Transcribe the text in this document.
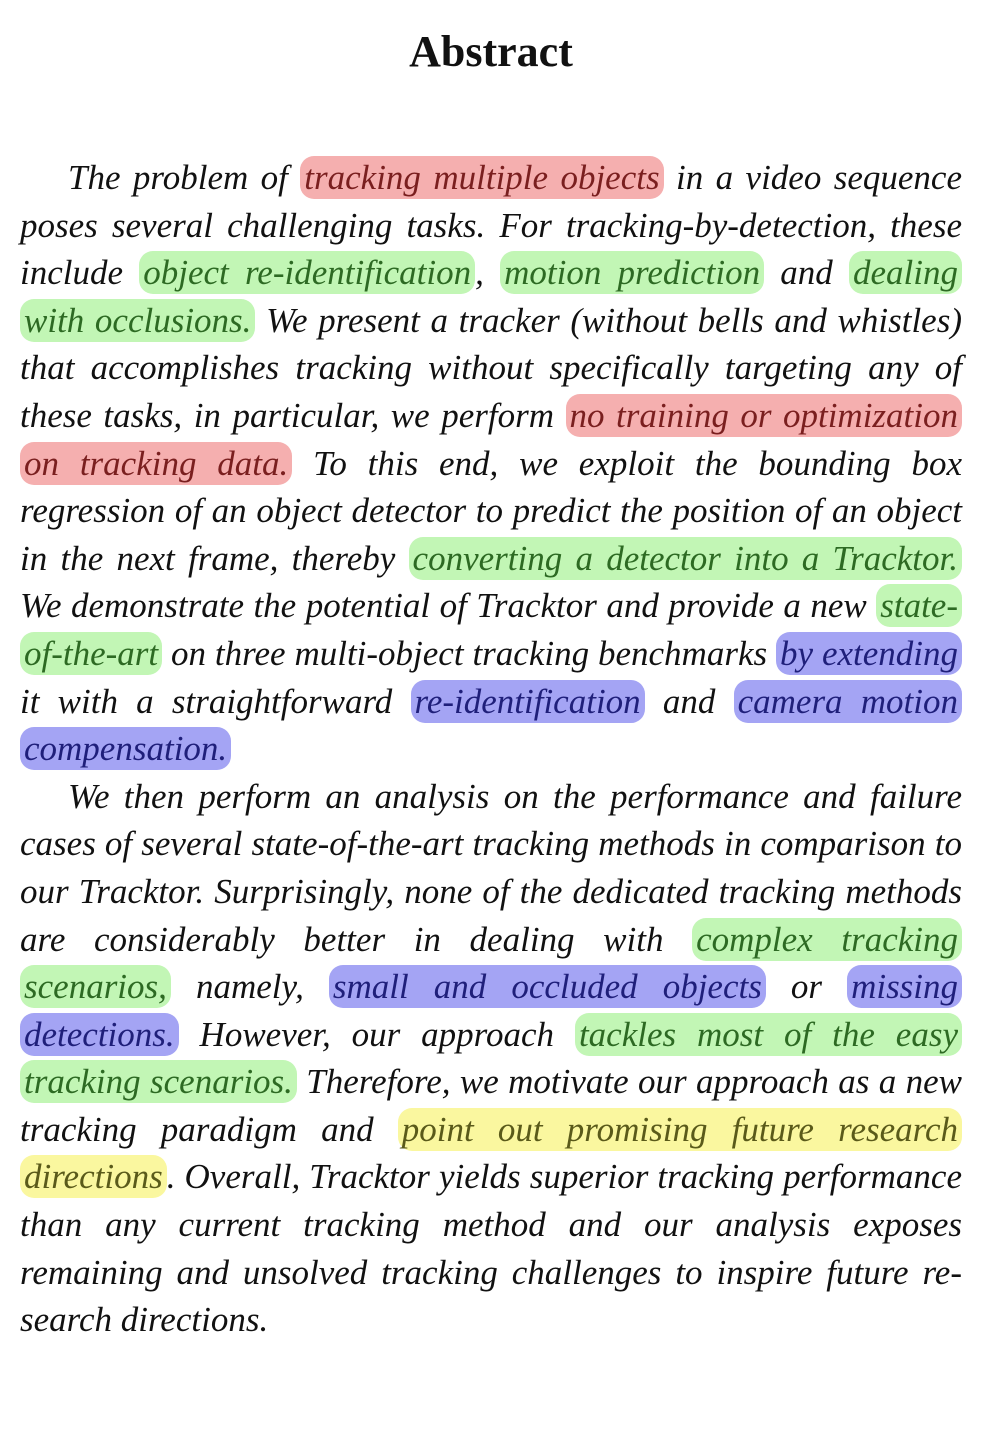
Abstract

The problem of tracking multiple objects in a video sequence poses several challenging tasks. For tracking-by-detection, these include object re-identification , motion prediction and dealing with occlusions. We present a tracker (without bells and whistles) that accomplishes tracking without specifically targeting any of these tasks, in particular, we perform no training or optimization on tracking data. To this end, we exploit the bounding box regression of an object detector to predict the position of an object in the next frame, thereby converting a detector into a Tracktor. We demonstrate the potential of Tracktor and provide a new state-of-the-art on three multi-object tracking benchmarks by extending it with a straightforward re-identification and camera motion compensation.

We then perform an analysis on the performance and failure cases of several state-of-the-art tracking methods in comparison to our Tracktor. Surprisingly, none of the dedicated tracking methods are considerably better in dealing with complex tracking scenarios, namely, small and occluded objects or missing detections. However, our approach tackles most of the easy tracking scenarios. Therefore, we motivate our approach as a new tracking paradigm and point out promising future research directions . Overall, Tracktor yields superior tracking performance than any current tracking method and our analysis exposes remaining and unsolved tracking challenges to inspire future research directions.
